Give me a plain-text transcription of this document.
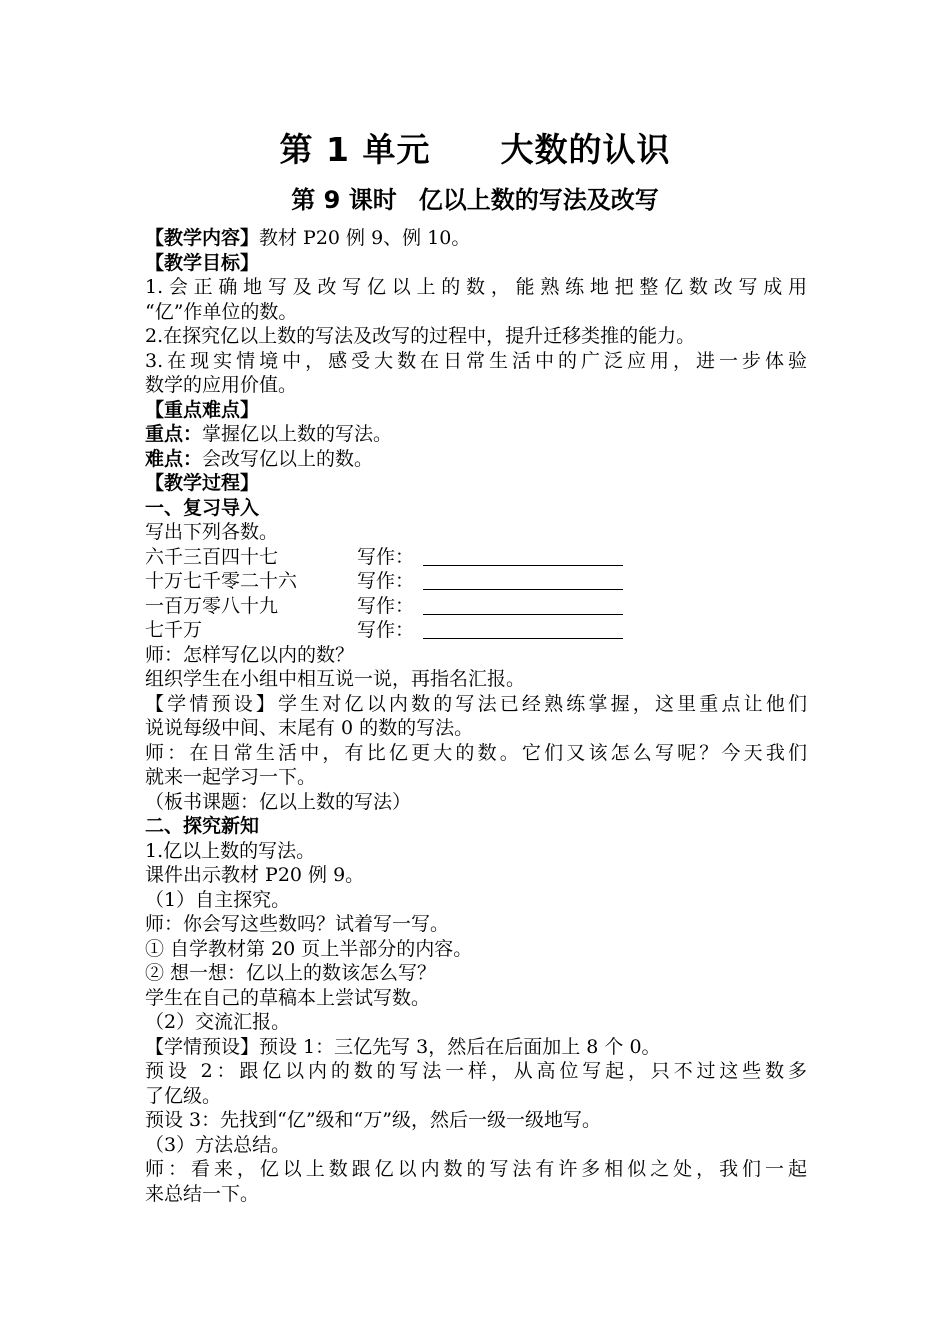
第 1 单元 大数的认识
第 9 课时 亿以上数的写法及改写
【教学内容】教材 P20 例 9、例 10。
【教学目标】
1.会正确地写及改写亿以上的数，能熟练地把整亿数改写成用
“亿”作单位的数。
2.在探究亿以上数的写法及改写的过程中，提升迁移类推的能力。
3.在现实情境中，感受大数在日常生活中的广泛应用，进一步体验
数学的应用价值。
【重点难点】
重点：掌握亿以上数的写法。
难点：会改写亿以上的数。
【教学过程】
一、复习导入
写出下列各数。
六千三百四十七	写作：
十万七千零二十六	写作：
一百万零八十九	写作：
七千万	写作：
师：怎样写亿以内的数？
组织学生在小组中相互说一说，再指名汇报。
【学情预设】学生对亿以内数的写法已经熟练掌握，这里重点让他们
说说每级中间、末尾有 0 的数的写法。
师：在日常生活中，有比亿更大的数。它们又该怎么写呢？今天我们
就来一起学习一下。
（板书课题：亿以上数的写法）
二、探究新知
1.亿以上数的写法。
课件出示教材 P20 例 9。
（1）自主探究。
师：你会写这些数吗？试着写一写。
① 自学教材第 20 页上半部分的内容。
② 想一想：亿以上的数该怎么写？
学生在自己的草稿本上尝试写数。
（2）交流汇报。
【学情预设】预设 1：三亿先写 3，然后在后面加上 8 个 0。
预设 2：跟亿以内的数的写法一样，从高位写起，只不过这些数多
了亿级。
预设 3：先找到“亿”级和“万”级，然后一级一级地写。
（3）方法总结。
师：看来，亿以上数跟亿以内数的写法有许多相似之处，我们一起
来总结一下。
